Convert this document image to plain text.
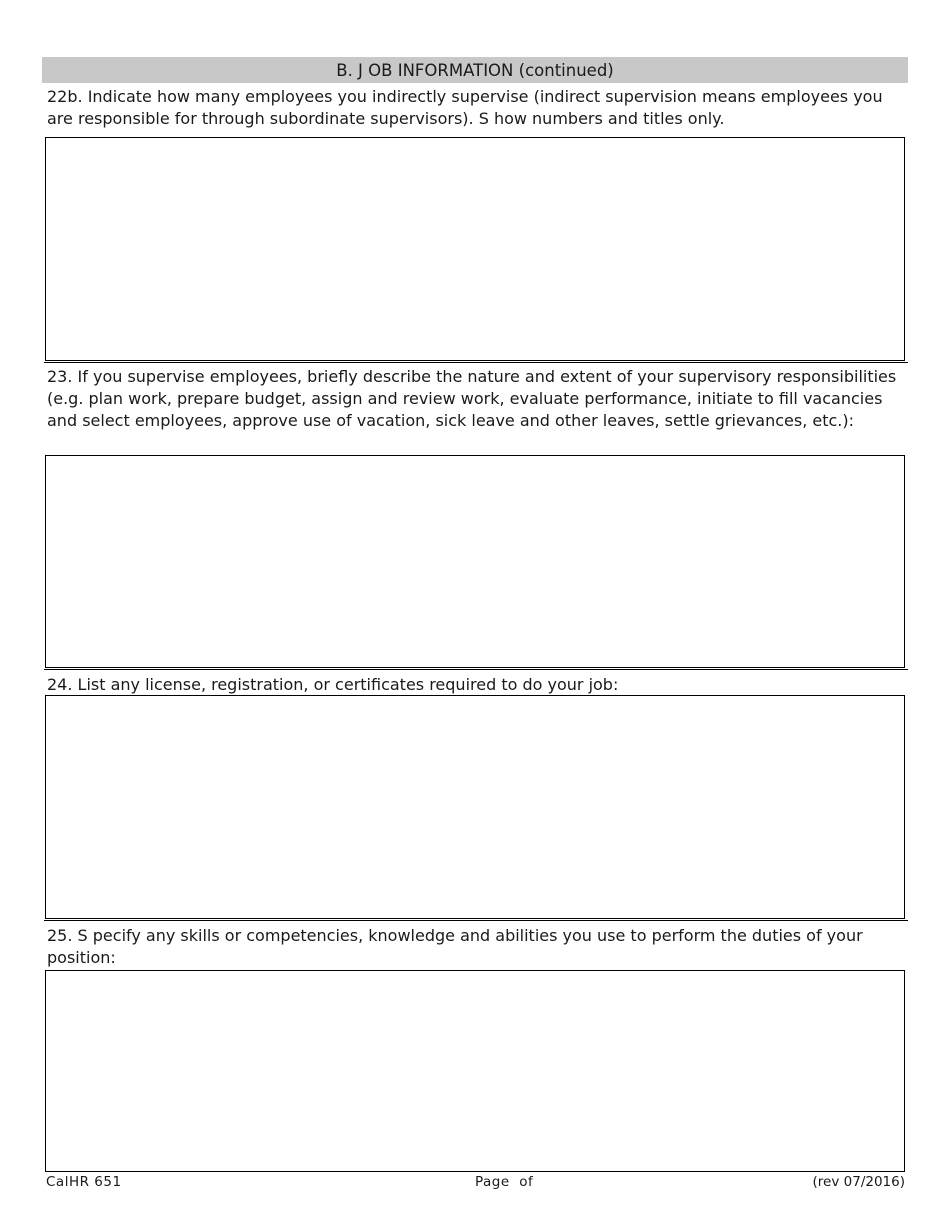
B. J OB INFORMATION (continued)

22b. Indicate how many employees you indirectly supervise (indirect supervision means employees you are responsible for through subordinate supervisors). S how numbers and titles only.

23. If you supervise employees, briefly describe the nature and extent of your supervisory responsibilities (e.g. plan work, prepare budget, assign and review work, evaluate performance, initiate to fill vacancies and select employees, approve use of vacation, sick leave and other leaves, settle grievances, etc.):

24. List any license, registration, or certificates required to do your job:

25. S pecify any skills or competencies, knowledge and abilities you use to perform the duties of your position:

CalHR 651	Page  of	(rev 07/2016)
